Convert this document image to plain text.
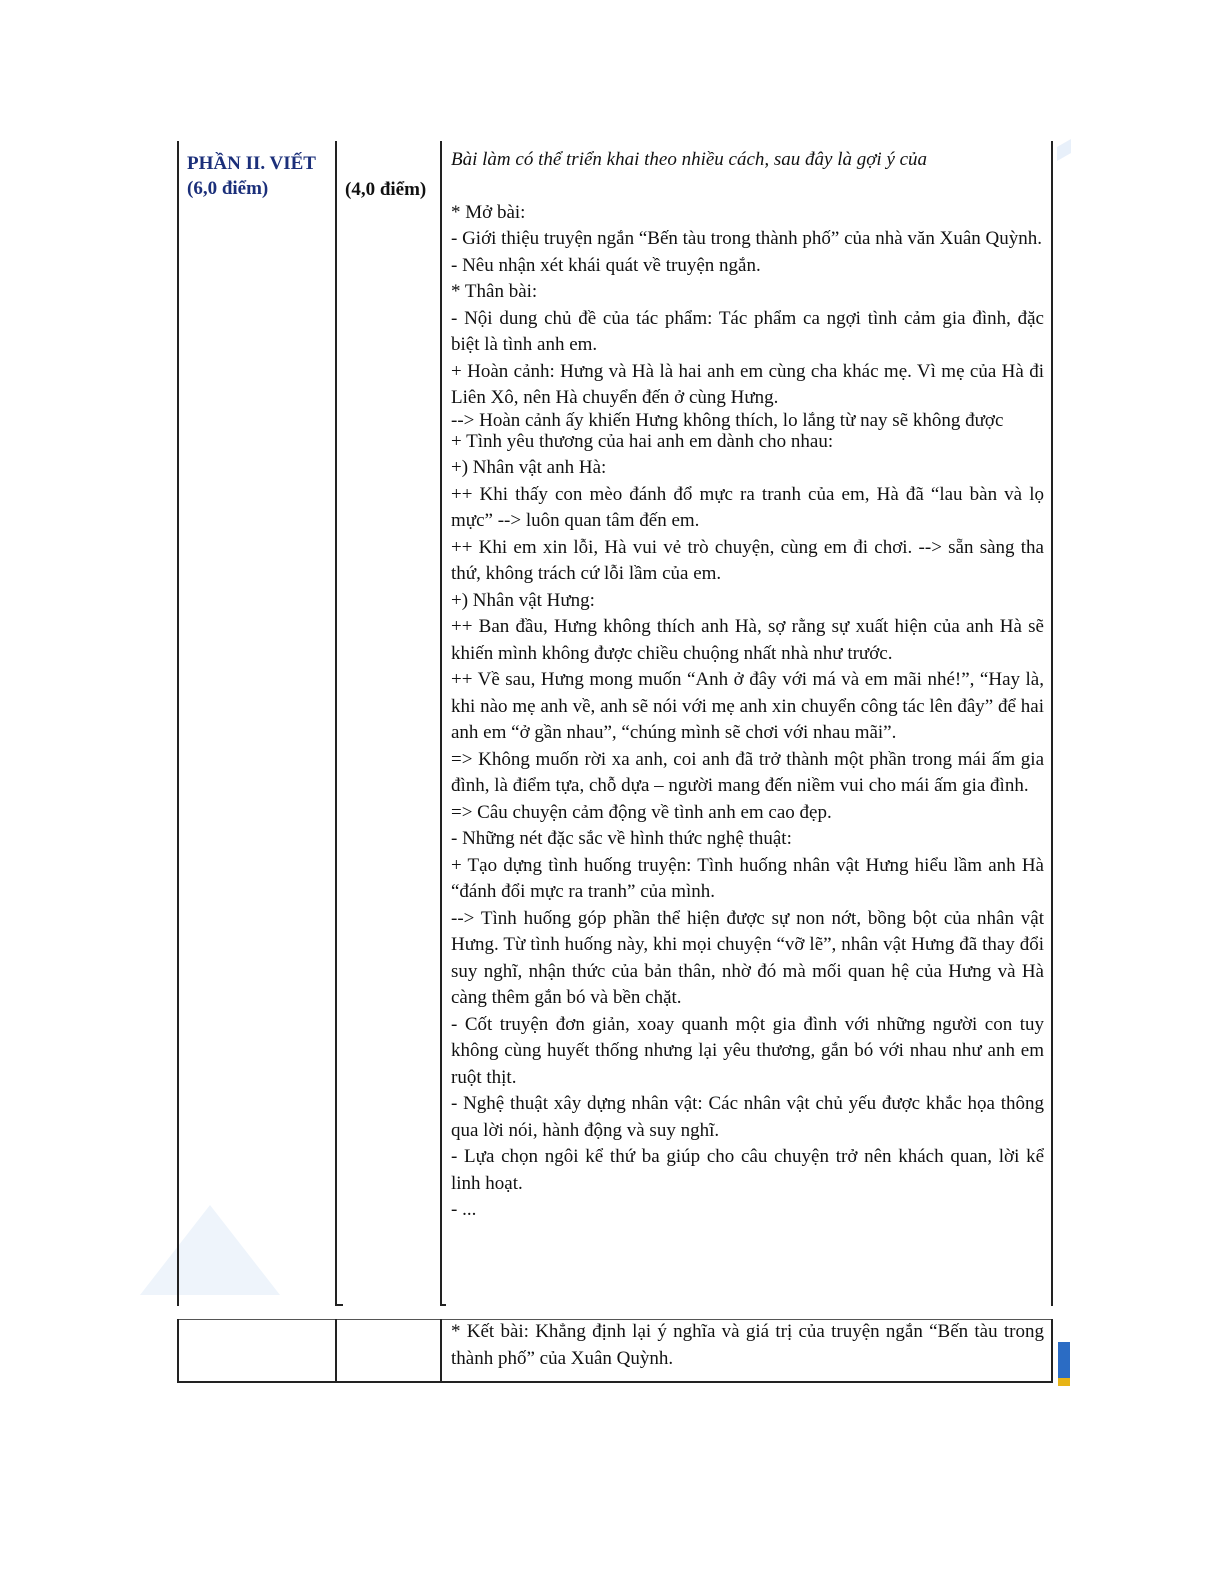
PHẦN II. VIẾT
(6,0 điểm)	(4,0 điểm)

Bài làm có thể triển khai theo nhiều cách, sau đây là gợi ý của

* Mở bài:

- Giới thiệu truyện ngắn “Bến tàu trong thành phố” của nhà văn Xuân Quỳnh.

- Nêu nhận xét khái quát về truyện ngắn.

* Thân bài:

- Nội dung chủ đề của tác phẩm: Tác phẩm ca ngợi tình cảm gia đình, đặc biệt là tình anh em.

+ Hoàn cảnh: Hưng và Hà là hai anh em cùng cha khác mẹ. Vì mẹ của Hà đi Liên Xô, nên Hà chuyển đến ở cùng Hưng.

--> Hoàn cảnh ấy khiến Hưng không thích, lo lắng từ nay sẽ không được

+ Tình yêu thương của hai anh em dành cho nhau:

+) Nhân vật anh Hà:

++ Khi thấy con mèo đánh đổ mực ra tranh của em, Hà đã “lau bàn và lọ mực” --> luôn quan tâm đến em.

++ Khi em xin lỗi, Hà vui vẻ trò chuyện, cùng em đi chơi. --> sẵn sàng tha thứ, không trách cứ lỗi lầm của em.

+) Nhân vật Hưng:

++ Ban đầu, Hưng không thích anh Hà, sợ rằng sự xuất hiện của anh Hà sẽ khiến mình không được chiều chuộng nhất nhà như trước.

++ Về sau, Hưng mong muốn “Anh ở đây với má và em mãi nhé!”, “Hay là, khi nào mẹ anh về, anh sẽ nói với mẹ anh xin chuyển công tác lên đây” để hai anh em “ở gần nhau”, “chúng mình sẽ chơi với nhau mãi”.

=> Không muốn rời xa anh, coi anh đã trở thành một phần trong mái ấm gia đình, là điểm tựa, chỗ dựa – người mang đến niềm vui cho mái ấm gia đình.

=> Câu chuyện cảm động về tình anh em cao đẹp.

- Những nét đặc sắc về hình thức nghệ thuật:

+ Tạo dựng tình huống truyện: Tình huống nhân vật Hưng hiểu lầm anh Hà “đánh đổi mực ra tranh” của mình.

--> Tình huống góp phần thể hiện được sự non nớt, bồng bột của nhân vật Hưng. Từ tình huống này, khi mọi chuyện “vỡ lẽ”, nhân vật Hưng đã thay đổi suy nghĩ, nhận thức của bản thân, nhờ đó mà mối quan hệ của Hưng và Hà càng thêm gắn bó và bền chặt.

- Cốt truyện đơn giản, xoay quanh một gia đình với những người con tuy không cùng huyết thống nhưng lại yêu thương, gắn bó với nhau như anh em ruột thịt.

- Nghệ thuật xây dựng nhân vật: Các nhân vật chủ yếu được khắc họa thông qua lời nói, hành động và suy nghĩ.

- Lựa chọn ngôi kể thứ ba giúp cho câu chuyện trở nên khách quan, lời kể linh hoạt.

- ...

* Kết bài: Khẳng định lại ý nghĩa và giá trị của truyện ngắn “Bến tàu trong thành phố” của Xuân Quỳnh.
